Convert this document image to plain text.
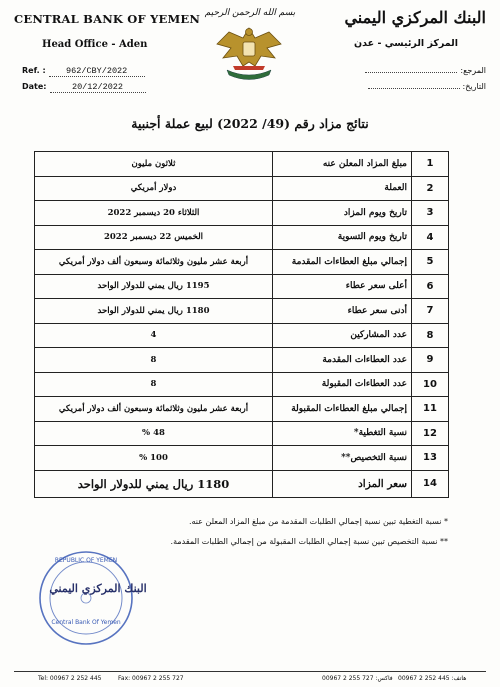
CENTRAL BANK OF YEMEN
Head Office - Aden
Ref. :	962/CBY/2022
Date:	20/12/2022
بسم الله الرحمن الرحيم	البنك المركزي اليمني
المركز الرئيسي - عدن
المرجع:
التاريخ:
نتائج مزاد رقم (49/ 2022) لبيع عملة أجنبية
ثلاثون مليون	مبلغ المزاد المعلن عنه	1
دولار أمريكي	العملة	2
الثلاثاء 20 ديسمبر 2022	تاريخ ويوم المزاد	3
الخميس 22 ديسمبر 2022	تاريخ ويوم التسوية	4
أربعة عشر مليون وثلاثمائة وسبعون ألف دولار أمريكي	إجمالي مبلغ العطاءات المقدمة	5
1195 ريال يمني للدولار الواحد	أعلى سعر عطاء	6
1180 ريال يمني للدولار الواحد	أدنى سعر عطاء	7
4	عدد المشاركين	8
8	عدد العطاءات المقدمة	9
8	عدد العطاءات المقبولة	10
أربعة عشر مليون وثلاثمائة وسبعون ألف دولار أمريكي	إجمالي مبلغ العطاءات المقبولة	11
48 %	نسبة التغطية*	12
100 %	نسبة التخصيص**	13
1180 ريال يمني للدولار الواحد	سعر المزاد	14
* نسبة التغطية تبين نسبة إجمالي الطلبات المقدمة من مبلغ المزاد المعلن عنه.
** نسبة التخصيص تبين نسبة إجمالي الطلبات المقبولة من إجمالي الطلبات المقدمة.
REPUBLIC OF YEMEN
البنك المركزي اليمني
Central Bank Of Yemen
Tel: 00967 2 252 445	Fax: 00967 2 255 727	00967 2 255 727 :فاكس هاتف: 445 252 2 00967
